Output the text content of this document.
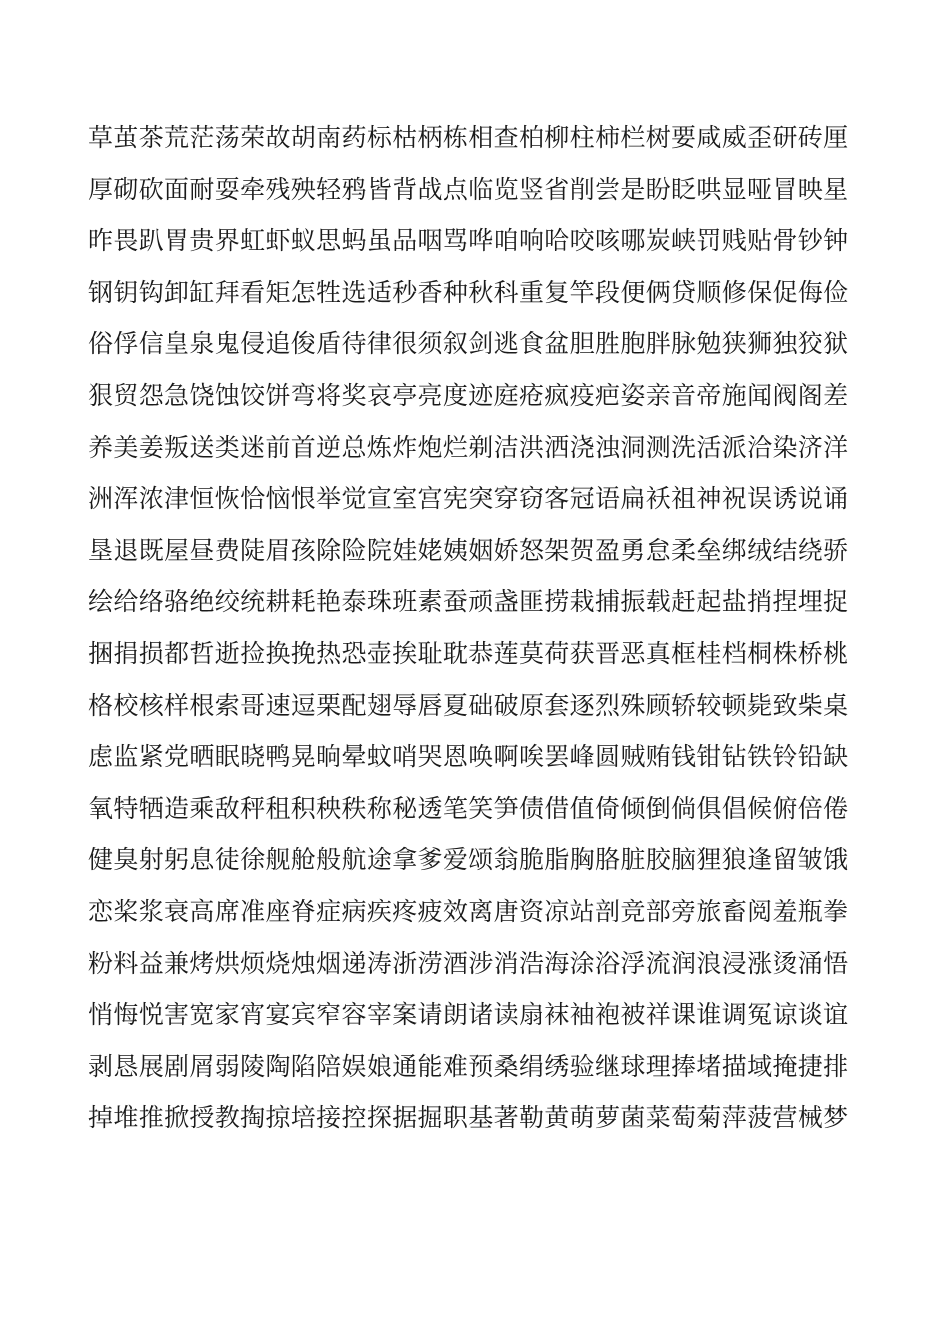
草茧茶荒茫荡荣故胡南药标枯柄栋相查柏柳柱柿栏树要咸威歪研砖厘
厚砌砍面耐耍牵残殃轻鸦皆背战点临览竖省削尝是盼眨哄显哑冒映星
昨畏趴胃贵界虹虾蚁思蚂虽品咽骂哗咱响哈咬咳哪炭峡罚贱贴骨钞钟
钢钥钩卸缸拜看矩怎牲选适秒香种秋科重复竿段便俩贷顺修保促侮俭
俗俘信皇泉鬼侵追俊盾待律很须叙剑逃食盆胆胜胞胖脉勉狭狮独狡狱
狠贸怨急饶蚀饺饼弯将奖哀亭亮度迹庭疮疯疫疤姿亲音帝施闻阀阁差
养美姜叛送类迷前首逆总炼炸炮烂剃洁洪洒浇浊洞测洗活派洽染济洋
洲浑浓津恒恢恰恼恨举觉宣室宫宪突穿窃客冠语扁袄祖神祝误诱说诵
垦退既屋昼费陡眉孩除险院娃姥姨姻娇怒架贺盈勇怠柔垒绑绒结绕骄
绘给络骆绝绞统耕耗艳泰珠班素蚕顽盏匪捞栽捕振载赶起盐捎捏埋捉
捆捐损都哲逝捡换挽热恐壶挨耻耽恭莲莫荷获晋恶真框桂档桐株桥桃
格校核样根索哥速逗栗配翅辱唇夏础破原套逐烈殊顾轿较顿毙致柴桌
虑监紧党晒眠晓鸭晃晌晕蚊哨哭恩唤啊唉罢峰圆贼贿钱钳钻铁铃铅缺
氧特牺造乘敌秤租积秧秩称秘透笔笑笋债借值倚倾倒倘俱倡候俯倍倦
健臭射躬息徒徐舰舱般航途拿爹爱颂翁脆脂胸胳脏胶脑狸狼逢留皱饿
恋桨浆衰高席准座脊症病疾疼疲效离唐资凉站剖竞部旁旅畜阅羞瓶拳
粉料益兼烤烘烦烧烛烟递涛浙涝酒涉消浩海涂浴浮流润浪浸涨烫涌悟
悄悔悦害宽家宵宴宾窄容宰案请朗诸读扇袜袖袍被祥课谁调冤谅谈谊
剥恳展剧屑弱陵陶陷陪娱娘通能难预桑绢绣验继球理捧堵描域掩捷排
掉堆推掀授教掏掠培接控探据掘职基著勒黄萌萝菌菜萄菊萍菠营械梦
